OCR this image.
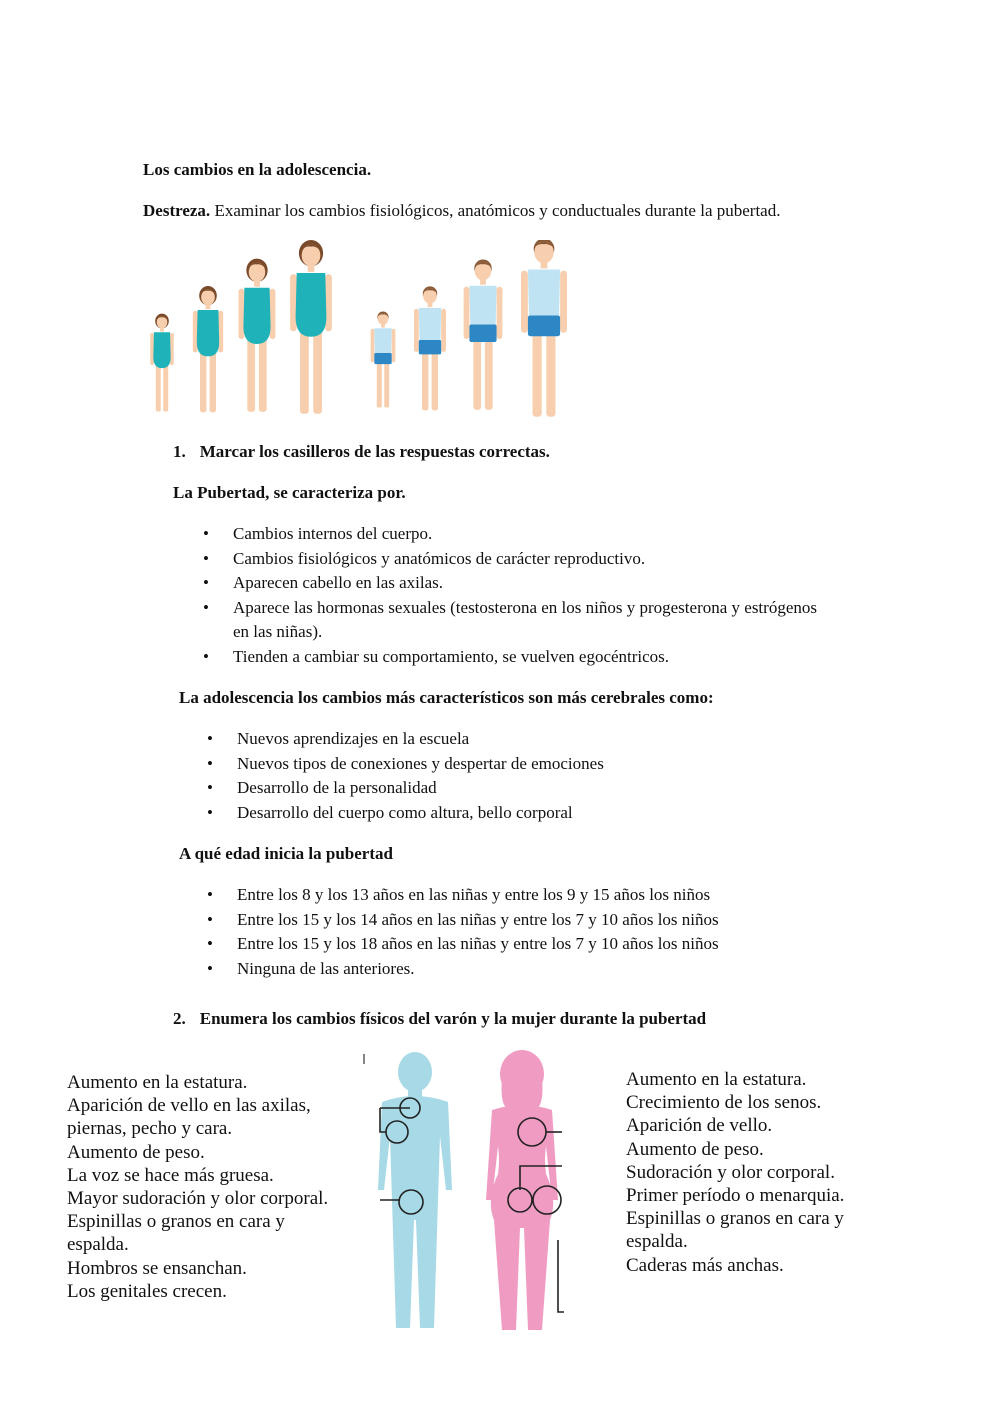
Los cambios en la adolescencia.
Destreza. Examinar los cambios fisiológicos, anatómicos y conductuales durante la pubertad.
1. Marcar los casilleros de las respuestas correctas.
La Pubertad, se caracteriza por.
• Cambios internos del cuerpo.
• Cambios fisiológicos y anatómicos de carácter reproductivo.
• Aparecen cabello en las axilas.
• Aparece las hormonas sexuales (testosterona en los niños y progesterona y estrógenos
en las niñas).
• Tienden a cambiar su comportamiento, se vuelven egocéntricos.
La adolescencia los cambios más característicos son más cerebrales como:
• Nuevos aprendizajes en la escuela
• Nuevos tipos de conexiones y despertar de emociones
• Desarrollo de la personalidad
• Desarrollo del cuerpo como altura, bello corporal
A qué edad inicia la pubertad
• Entre los 8 y los 13 años en las niñas y entre los 9 y 15 años los niños
• Entre los 15 y los 14 años en las niñas y entre los 7 y 10 años los niños
• Entre los 15 y los 18 años en las niñas y entre los 7 y 10 años los niños
• Ninguna de las anteriores.
2. Enumera los cambios físicos del varón y la mujer durante la pubertad
Aumento en la estatura.
Aparición de vello en las axilas,
piernas, pecho y cara.
Aumento de peso.
La voz se hace más gruesa.
Mayor sudoración y olor corporal.
Espinillas o granos en cara y
espalda.
Hombros se ensanchan.
Los genitales crecen.
Aumento en la estatura.
Crecimiento de los senos.
Aparición de vello.
Aumento de peso.
Sudoración y olor corporal.
Primer período o menarquia.
Espinillas o granos en cara y
espalda.
Caderas más anchas.
